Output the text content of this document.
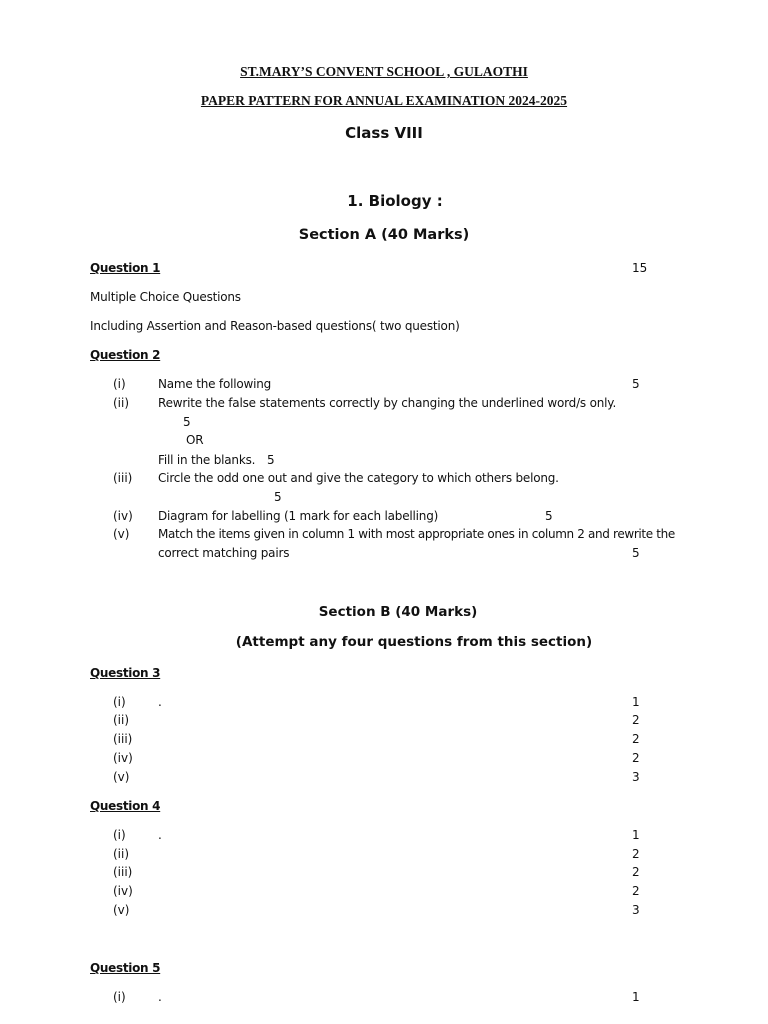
ST.MARY’S CONVENT SCHOOL , GULAOTHI
PAPER PATTERN FOR ANNUAL EXAMINATION 2024-2025
Class VIII
1. Biology :
Section A (40 Marks)
Question 1	15
Multiple Choice Questions
Including Assertion and Reason-based questions( two question)
Question 2
(i)	Name the following	5
(ii) Rewrite the false statements correctly by changing the underlined word/s only.
5
OR
Fill in the blanks. 5
(iii) Circle the odd one out and give the category to which others belong.
5
(iv) Diagram for labelling (1 mark for each labelling)	5
(v) Match the items given in column 1 with most appropriate ones in column 2 and rewrite the
correct matching pairs	5
Section B (40 Marks)
(Attempt any four questions from this section)
Question 3
(i)	.	1
(ii)	2
(iii)	2
(iv)	2
(v)	3
Question 4
(i)	.	1
(ii)	2
(iii)	2
(iv)	2
(v)	3
Question 5
(i)	.	1
